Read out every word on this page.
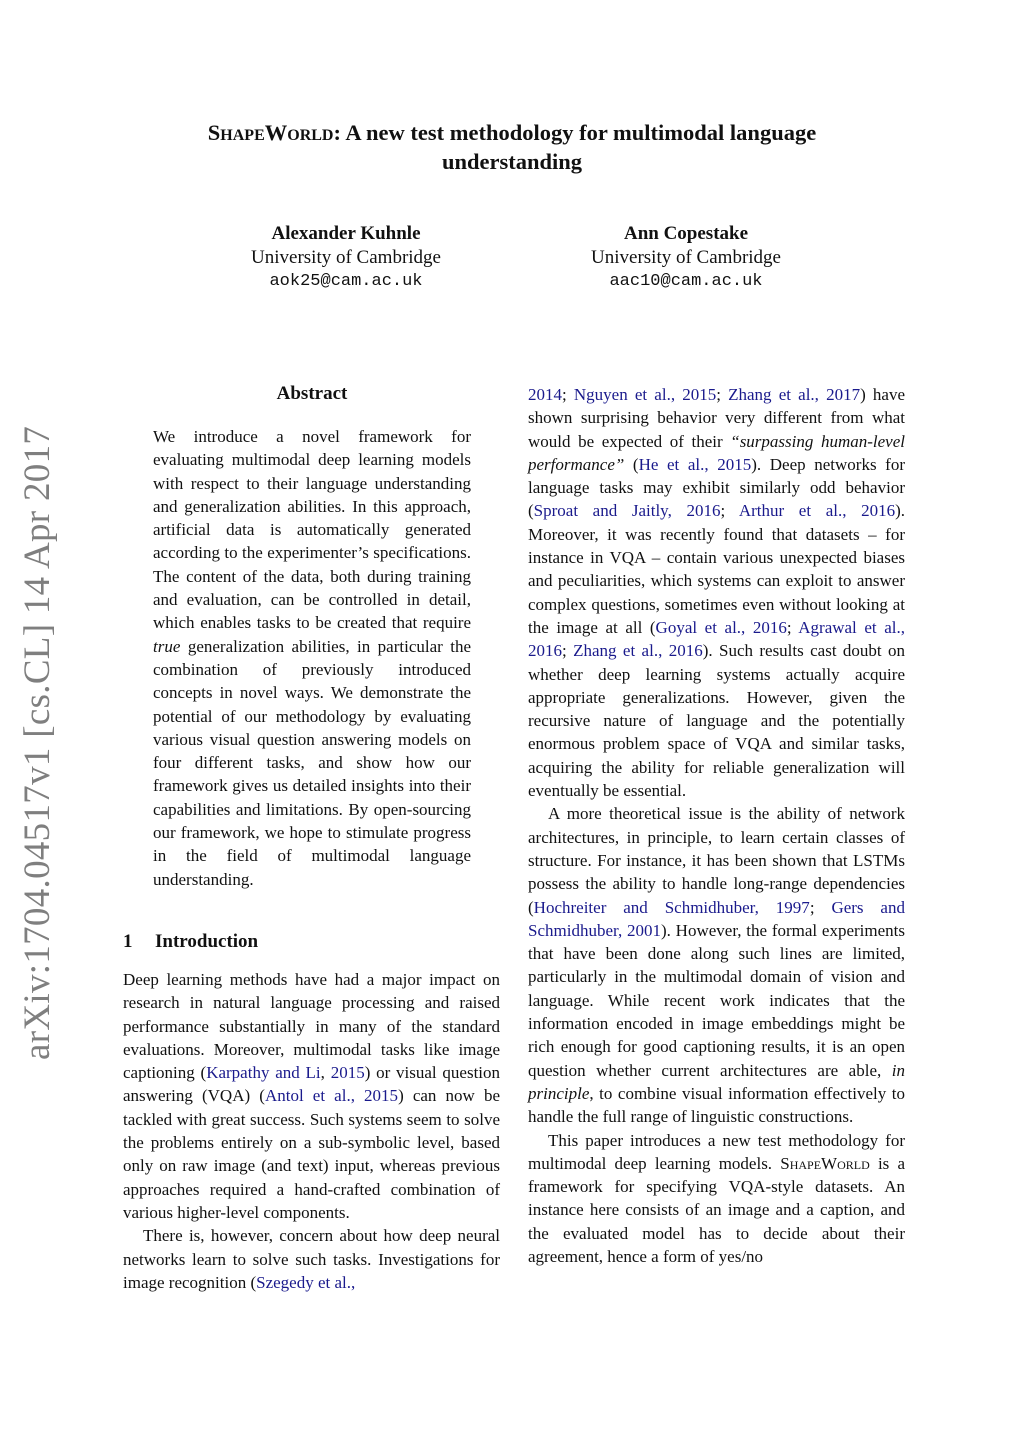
arXiv:1704.04517v1 [cs.CL] 14 Apr 2017
ShapeWorld: A new test methodology for multimodal language
understanding
Alexander Kuhnle
University of Cambridge
aok25@cam.ac.uk
Ann Copestake
University of Cambridge
aac10@cam.ac.uk
Abstract

We introduce a novel framework for evaluating multimodal deep learning models with respect to their language understanding and generalization abilities. In this approach, artificial data is automatically generated according to the experimenter’s specifications. The content of the data, both during training and evaluation, can be controlled in detail, which enables tasks to be created that require true generalization abilities, in particular the combination of previously introduced concepts in novel ways. We demonstrate the potential of our methodology by evaluating various visual question answering models on four different tasks, and show how our framework gives us detailed insights into their capabilities and limitations. By open-sourcing our framework, we hope to stimulate progress in the field of multimodal language understanding.

1 Introduction

Deep learning methods have had a major impact on research in natural language processing and raised performance substantially in many of the standard evaluations. Moreover, multimodal tasks like image captioning (Karpathy and Li, 2015) or visual question answering (VQA) (Antol et al., 2015) can now be tackled with great success. Such systems seem to solve the problems entirely on a sub-symbolic level, based only on raw image (and text) input, whereas previous approaches required a hand-crafted combination of various higher-level components.

There is, however, concern about how deep neural networks learn to solve such tasks. Investigations for image recognition (Szegedy et al.,

2014; Nguyen et al., 2015; Zhang et al., 2017) have shown surprising behavior very different from what would be expected of their “surpassing human-level performance” (He et al., 2015). Deep networks for language tasks may exhibit similarly odd behavior (Sproat and Jaitly, 2016; Arthur et al., 2016). Moreover, it was recently found that datasets – for instance in VQA – contain various unexpected biases and peculiarities, which systems can exploit to answer complex questions, sometimes even without looking at the image at all (Goyal et al., 2016; Agrawal et al., 2016; Zhang et al., 2016). Such results cast doubt on whether deep learning systems actually acquire appropriate generalizations. However, given the recursive nature of language and the potentially enormous problem space of VQA and similar tasks, acquiring the ability for reliable generalization will eventually be essential.

A more theoretical issue is the ability of network architectures, in principle, to learn certain classes of structure. For instance, it has been shown that LSTMs possess the ability to handle long-range dependencies (Hochreiter and Schmidhuber, 1997; Gers and Schmidhuber, 2001). However, the formal experiments that have been done along such lines are limited, particularly in the multimodal domain of vision and language. While recent work indicates that the information encoded in image embeddings might be rich enough for good captioning results, it is an open question whether current architectures are able, in principle, to combine visual information effectively to handle the full range of linguistic constructions.

This paper introduces a new test methodology for multimodal deep learning models. ShapeWorld is a framework for specifying VQA-style datasets. An instance here consists of an image and a caption, and the evaluated model has to decide about their agreement, hence a form of yes/no
